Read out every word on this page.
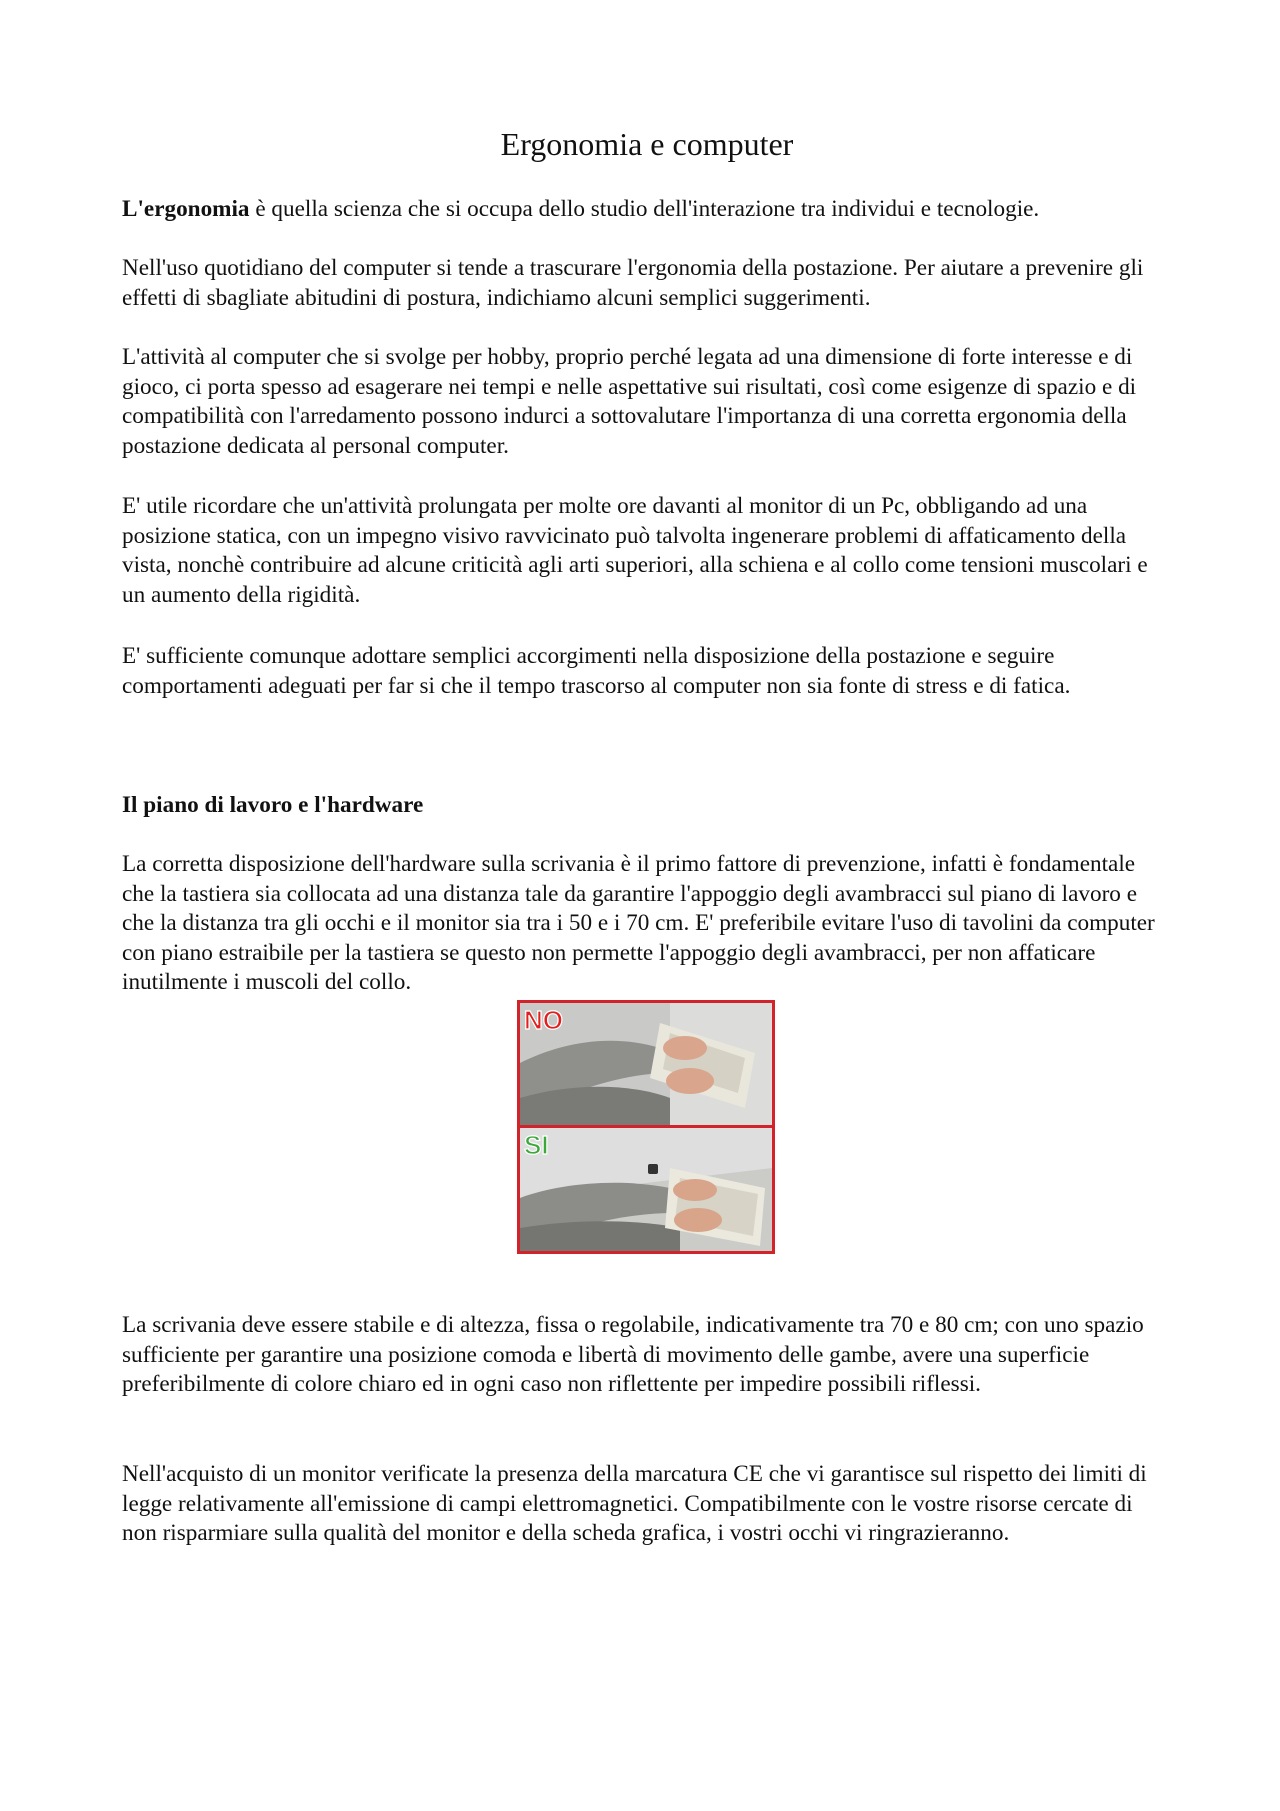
Ergonomia e computer

L'ergonomia è quella scienza che si occupa dello studio dell'interazione tra individui e tecnologie.

Nell'uso quotidiano del computer si tende a trascurare l'ergonomia della postazione. Per aiutare a prevenire gli effetti di sbagliate abitudini di postura, indichiamo alcuni semplici suggerimenti.

L'attività al computer che si svolge per hobby, proprio perché legata ad una dimensione di forte interesse e di gioco, ci porta spesso ad esagerare nei tempi e nelle aspettative sui risultati, così come esigenze di spazio e di compatibilità con l'arredamento possono indurci a sottovalutare l'importanza di una corretta ergonomia della postazione dedicata al personal computer.

E' utile ricordare che un'attività prolungata per molte ore davanti al monitor di un Pc, obbligando ad una posizione statica, con un impegno visivo ravvicinato può talvolta ingenerare problemi di affaticamento della vista, nonchè contribuire ad alcune criticità agli arti superiori, alla schiena e al collo come tensioni muscolari e un aumento della rigidità.

E' sufficiente comunque adottare semplici accorgimenti nella disposizione della postazione e seguire comportamenti adeguati per far si che il tempo trascorso al computer non sia fonte di stress e di fatica.

Il piano di lavoro e l'hardware

La corretta disposizione dell'hardware sulla scrivania è il primo fattore di prevenzione, infatti è fondamentale che la tastiera sia collocata ad una distanza tale da garantire l'appoggio degli avambracci sul piano di lavoro e che la distanza tra gli occhi e il monitor sia tra i 50 e i 70 cm. E' preferibile evitare l'uso di tavolini da computer con piano estraibile per la tastiera se questo non permette l'appoggio degli avambracci, per non affaticare inutilmente i muscoli del collo.

NO
SI

La scrivania deve essere stabile e di altezza, fissa o regolabile, indicativamente tra 70 e 80 cm; con uno spazio sufficiente per garantire una posizione comoda e libertà di movimento delle gambe, avere una superficie preferibilmente di colore chiaro ed in ogni caso non riflettente per impedire possibili riflessi.

Nell'acquisto di un monitor verificate la presenza della marcatura CE che vi garantisce sul rispetto dei limiti di legge relativamente all'emissione di campi elettromagnetici. Compatibilmente con le vostre risorse cercate di non risparmiare sulla qualità del monitor e della scheda grafica, i vostri occhi vi ringrazieranno.
